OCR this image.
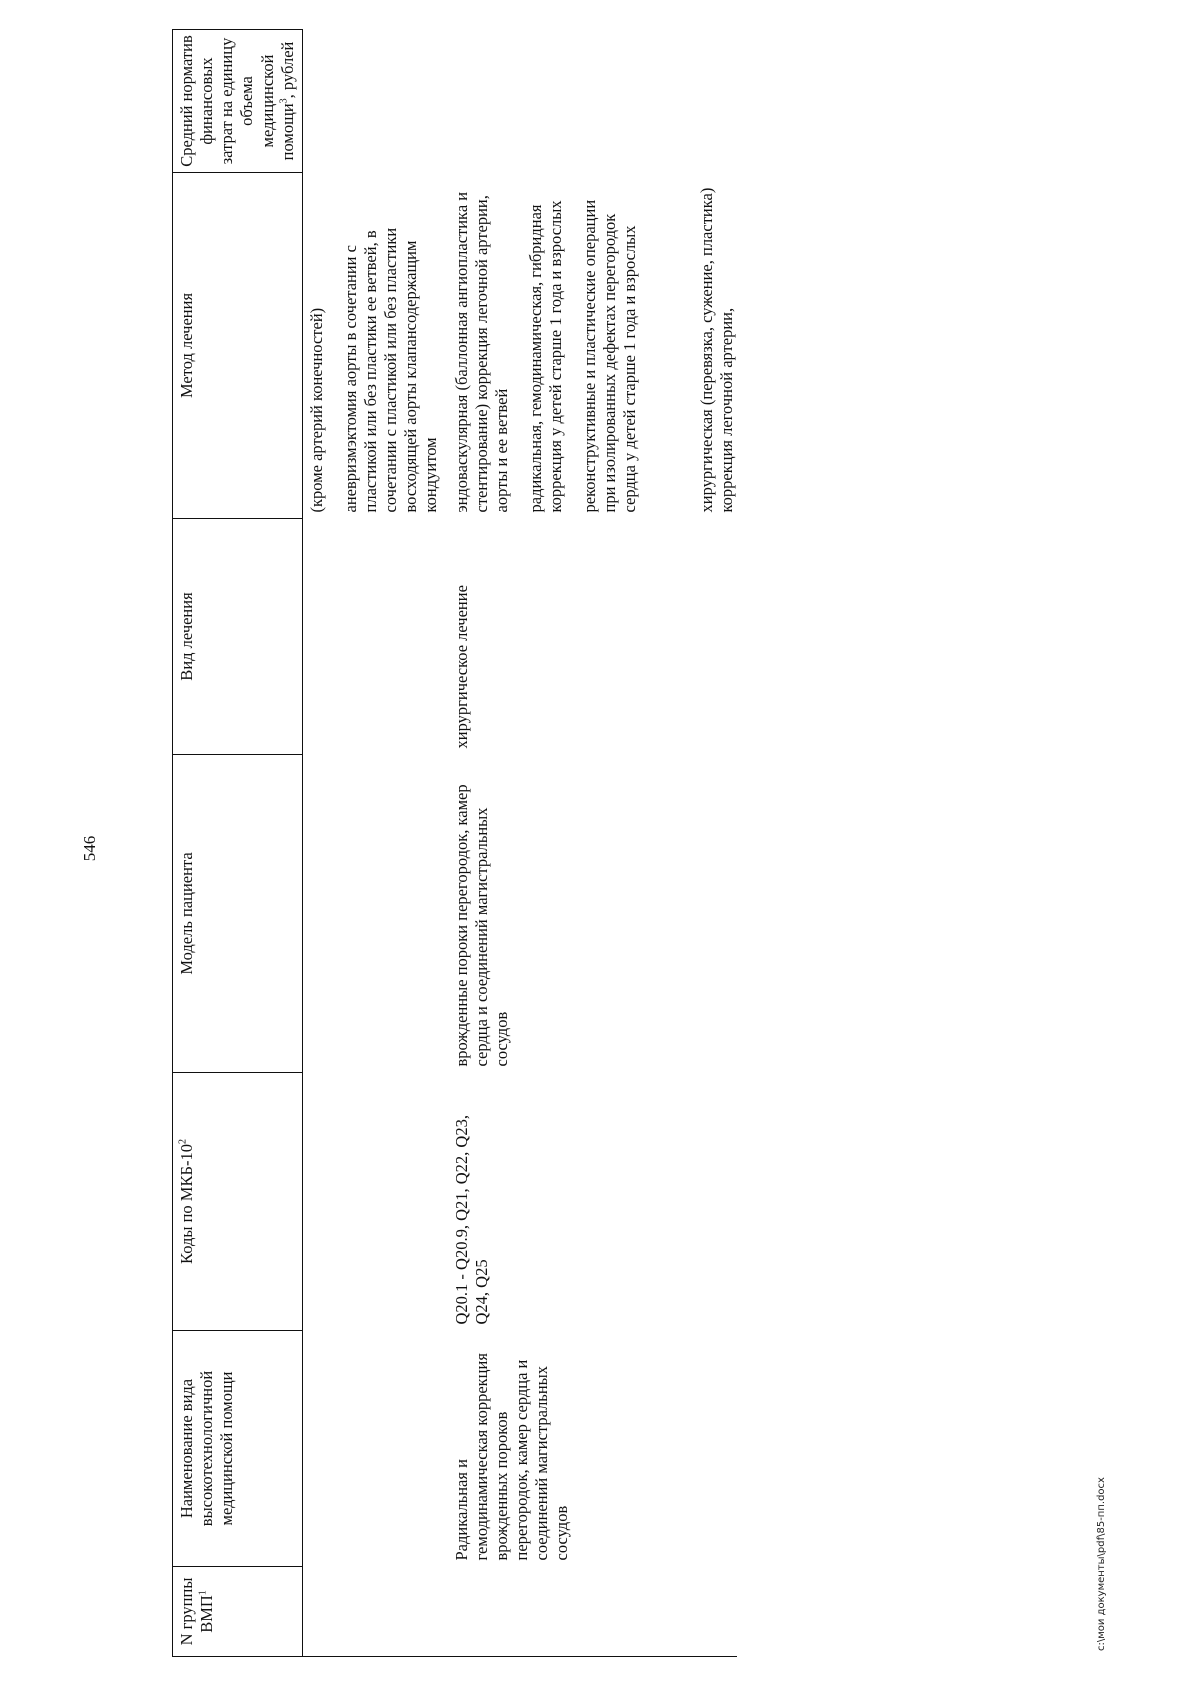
546
N группы ВМП$^1$	Наименование вида высокотехнологичной медицинской помощи	Коды по МКБ-$10^2$	Модель пациента	Вид лечения	Метод лечения	Средний норматив финансовых затрат на единицу объема медицинской помощи$^3$, рублей

					(кроме артерий конечностей) аневризмэктомия аорты в сочетании с пластикой или без пластики ее ветвей, в сочетании с пластикой или без пластики восходящей аорты клапансодержащим кондуитом	

	Радикальная и гемодинамическая коррекция врожденных пороков перегородок, камер сердца и соединений магистральных сосудов	Q20.1 - Q20.9, Q21, Q22, Q23, Q24, Q25	врожденные пороки перегородок, камер сердца и соединений магистральных сосудов	хирургическое лечение	эндоваскулярная (баллонная ангиопластика и стентирование) коррекция легочной артерии, аорты и ее ветвей радикальная, гемодинамическая, гибридная коррекция у детей старше 1 года и взрослых реконструктивные и пластические операции при изолированных дефектах перегородок сердца у детей старше 1 года и взрослых хирургическая (перевязка, сужение, пластика) коррекция легочной артерии,	

c:\мои документы\pdf\85-пп.docx
